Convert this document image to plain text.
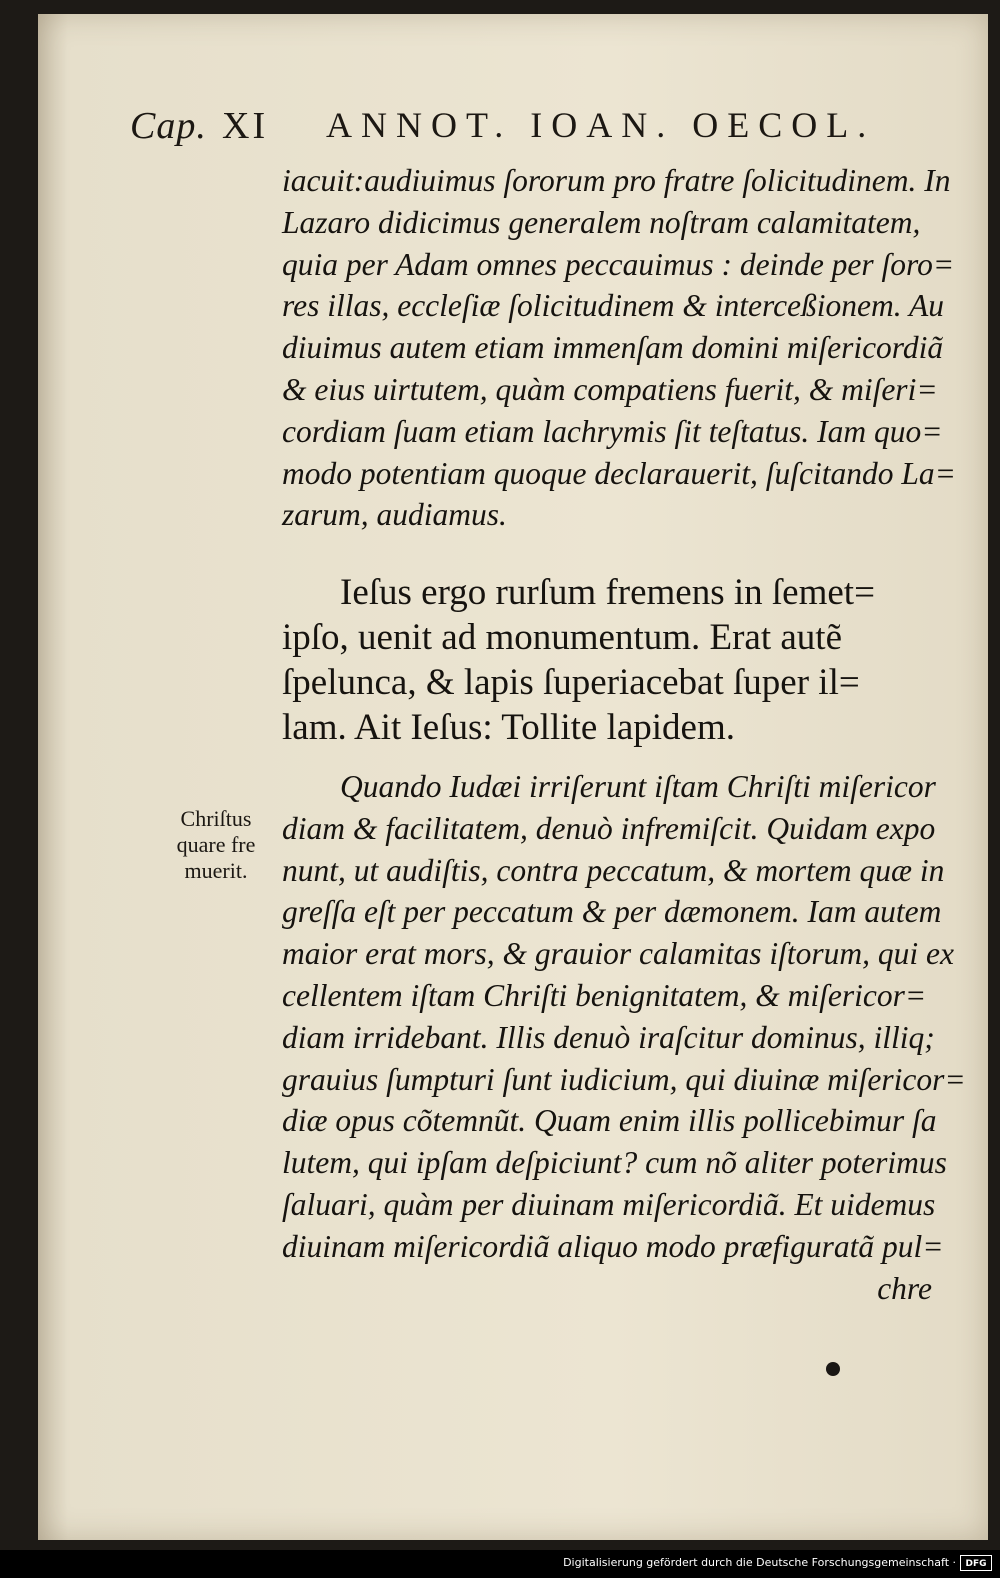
Cap. XI ANNOT. IOAN. OECOL.
iacuit:audiuimus ſororum pro fratre ſolicitudinem. In
Lazaro didicimus generalem noſtram calamitatem,
quia per Adam omnes peccauimus : deinde per ſoro=
res illas, eccleſiæ ſolicitudinem & interceßionem. Au
diuimus autem etiam immenſam domini miſericordiã
& eius uirtutem, quàm compatiens fuerit, & miſeri=
cordiam ſuam etiam lachrymis ſit teſtatus. Iam quo=
modo potentiam quoque declarauerit, ſuſcitando La=
zarum, audiamus.
Ieſus ergo rurſum fremens in ſemet=
ipſo, uenit ad monumentum. Erat autẽ
ſpelunca, & lapis ſuperiacebat ſuper il=
lam. Ait Ieſus: Tollite lapidem.
Chriſtus
quare fre
muerit.
Quando Iudæi irriſerunt iſtam Chriſti miſericor
diam & facilitatem, denuò infremiſcit. Quidam expo
nunt, ut audiſtis, contra peccatum, & mortem quæ in
greſſa eſt per peccatum & per dæmonem. Iam autem
maior erat mors, & grauior calamitas iſtorum, qui ex
cellentem iſtam Chriſti benignitatem, & miſericor=
diam irridebant. Illis denuò iraſcitur dominus, illiq;
grauius ſumpturi ſunt iudicium, qui diuinæ miſericor=
diæ opus cõtemnũt. Quam enim illis pollicebimur ſa
lutem, qui ipſam deſpiciunt? cum nõ aliter poterimus
ſaluari, quàm per diuinam miſericordiã. Et uidemus
diuinam miſericordiã aliquo modo præfiguratã pul=
chre
Digitalisierung gefördert durch die Deutsche Forschungsgemeinschaft ·	DFG
